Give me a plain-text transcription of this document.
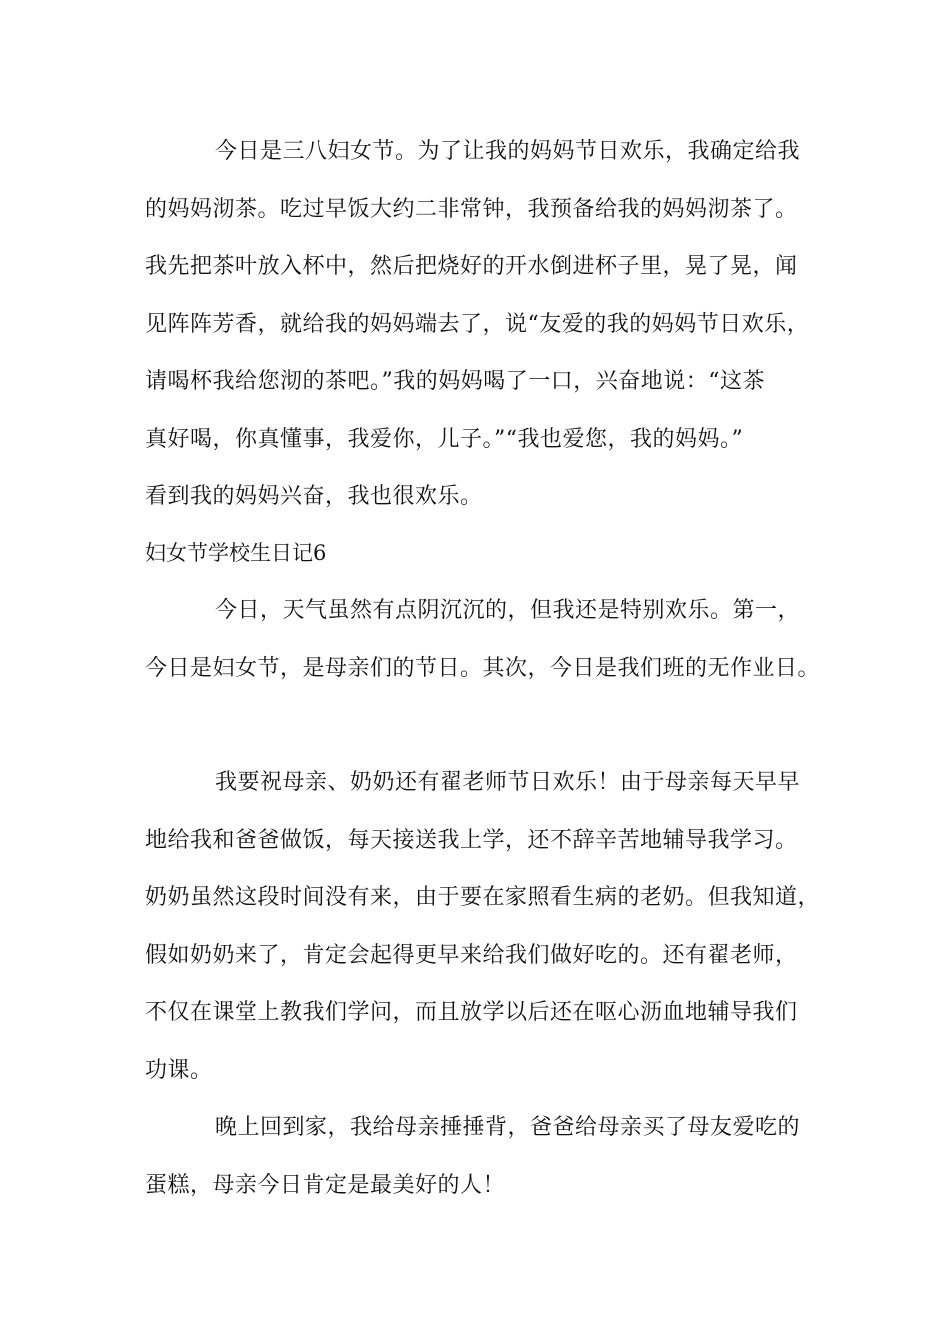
今日是三八妇女节。为了让我的妈妈节日欢乐，我确定给我
的妈妈沏茶。吃过早饭大约二非常钟，我预备给我的妈妈沏茶了。
我先把茶叶放入杯中，然后把烧好的开水倒进杯子里，晃了晃，闻
见阵阵芳香，就给我的妈妈端去了，说“友爱的我的妈妈节日欢乐，
请喝杯我给您沏的茶吧。”我的妈妈喝了一口，兴奋地说：“这茶
真好喝，你真懂事，我爱你，儿子。”“我也爱您，我的妈妈。”
看到我的妈妈兴奋，我也很欢乐。
妇女节学校生日记6
今日，天气虽然有点阴沉沉的，但我还是特别欢乐。第一，
今日是妇女节，是母亲们的节日。其次，今日是我们班的无作业日。
我要祝母亲、奶奶还有翟老师节日欢乐！由于母亲每天早早
地给我和爸爸做饭，每天接送我上学，还不辞辛苦地辅导我学习。
奶奶虽然这段时间没有来，由于要在家照看生病的老奶。但我知道，
假如奶奶来了，肯定会起得更早来给我们做好吃的。还有翟老师，
不仅在课堂上教我们学问，而且放学以后还在呕心沥血地辅导我们
功课。
晚上回到家，我给母亲捶捶背，爸爸给母亲买了母友爱吃的
蛋糕，母亲今日肯定是最美好的人！
